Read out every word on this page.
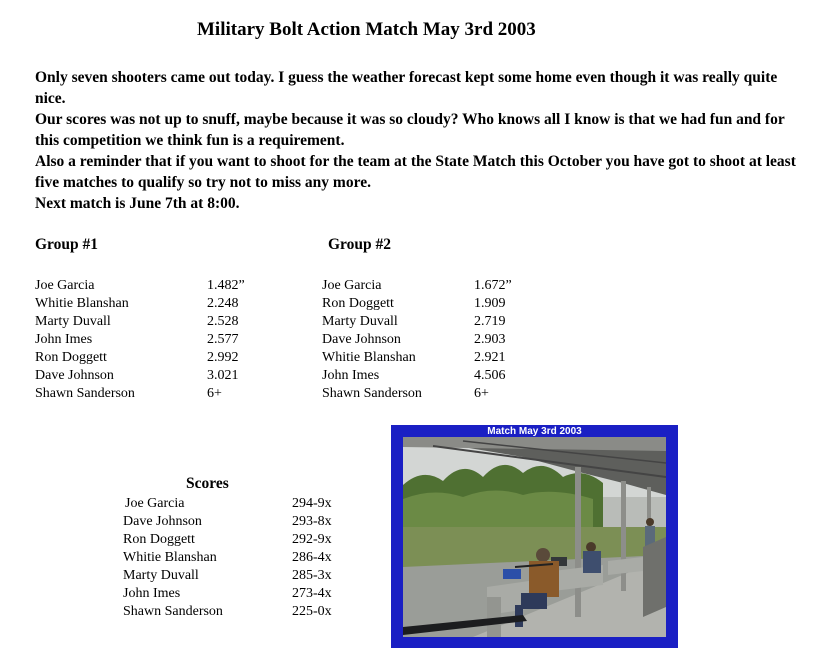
Military Bolt Action Match May 3rd 2003

Only seven shooters came out today. I guess the weather forecast kept some home even though it was really quite nice.

Our scores was not up to snuff, maybe because it was so cloudy? Who knows all I know is that we had fun and for this competition we think fun is a requirement.

Also a reminder that if you want to shoot for the team at the State Match this October you have got to shoot at least five matches to qualify so try not to miss any more.

Next match is June 7th at 8:00.

Group #1	Group #2
Joe Garcia	1.482”
Whitie Blanshan	2.248
Marty Duvall	2.528
John Imes	2.577
Ron Doggett	2.992
Dave Johnson	3.021
Shawn Sanderson	6+
Joe Garcia	1.672”
Ron Doggett	1.909
Marty Duvall	2.719
Dave Johnson	2.903
Whitie Blanshan	2.921
John Imes	4.506
Shawn Sanderson	6+
Scores
Joe Garcia	294-9x
Dave Johnson	293-8x
Ron Doggett	292-9x
Whitie Blanshan	286-4x
Marty Duvall	285-3x
John Imes	273-4x
Shawn Sanderson	225-0x
Match May 3rd 2003
